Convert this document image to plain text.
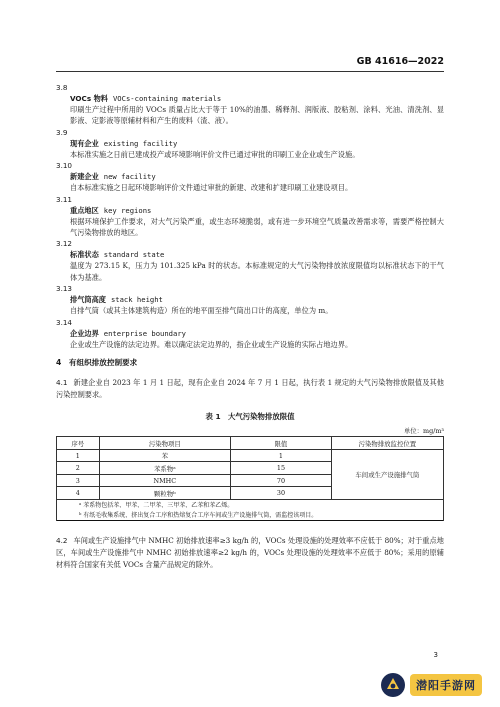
GB 41616—2022
3.8
VOCs 物料 VOCs-containing materials
印刷生产过程中所用的 VOCs 质量占比大于等于 10%的油墨、稀释剂、润版液、胶粘剂、涂料、光油、清洗剂、显影液、定影液等原辅材料和产生的废料（渣、液）。
3.9
现有企业 existing facility
本标准实施之日前已建成投产或环境影响评价文件已通过审批的印刷工业企业或生产设施。
3.10
新建企业 new facility
自本标准实施之日起环境影响评价文件通过审批的新建、改建和扩建印刷工业建设项目。
3.11
重点地区 key regions
根据环境保护工作要求，对大气污染严重，或生态环境脆弱，或有进一步环境空气质量改善需求等，需要严格控制大气污染物排放的地区。
3.12
标准状态 standard state
温度为 273.15 K，压力为 101.325 kPa 时的状态。本标准规定的大气污染物排放浓度限值均以标准状态下的干气体为基准。
3.13
排气筒高度 stack height
自排气筒（或其主体建筑构造）所在的地平面至排气筒出口计的高度，单位为 m。
3.14
企业边界 enterprise boundary
企业或生产设施的法定边界。难以确定法定边界的，指企业或生产设施的实际占地边界。
4　有组织排放控制要求
4.1 新建企业自 2023 年 1 月 1 日起，现有企业自 2024 年 7 月 1 日起，执行表 1 规定的大气污染物排放限值及其他污染控制要求。
表 1　大气污染物排放限值
单位：mg/m³
序号	污染物项目	限值	污染物排放监控位置
1	苯	1	车间或生产设施排气筒
2	苯系物ᵃ	15	
3	NMHC	70	
4	颗粒物ᵇ	30	
ᵃ 苯系物包括苯、甲苯、二甲苯、三甲苯、乙苯和苯乙烯。			
ᵇ 有纸毛收集系统、挤出复合工序和热熔复合工序车间或生产设施排气筒，需监控该项目。			
4.2 车间或生产设施排气中 NMHC 初始排放速率≥3 kg/h 的，VOCs 处理设施的处理效率不应低于 80%；对于重点地区，车间或生产设施排气中 NMHC 初始排放速率≥2 kg/h 的，VOCs 处理设施的处理效率不应低于 80%；采用的原辅材料符合国家有关低 VOCs 含量产品规定的除外。
3
潜阳手游网
